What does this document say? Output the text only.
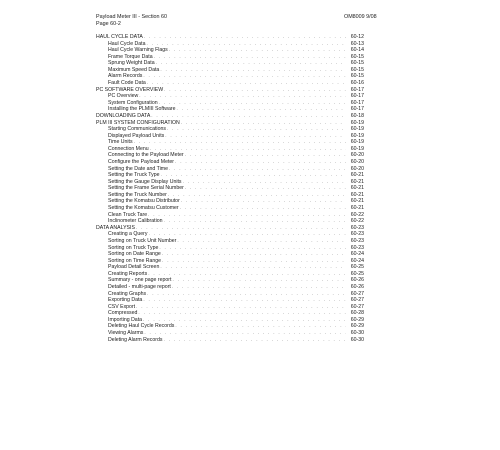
Payload Meter III - Section 60
Page 60-2
OM8009 9/08
HAUL CYCLE DATA . . .	60-12
Haul Cycle Data . . .	60-13
Haul Cycle Warning Flags . . .	60-14
Frame Torque Data . . .	60-15
Sprung Weight Data . . .	60-15
Maximum Speed Data . . .	60-15
Alarm Records . . .	60-15
Fault Code Data . . .	60-16
PC SOFTWARE OVERVIEW . . .	60-17
PC Overview . . .	60-17
System Configuration . . .	60-17
Installing the PLMIII Software . . .	60-17
DOWNLOADING DATA . . .	60-18
PLM III SYSTEM CONFIGURATION . . .	60-19
Starting Communications . . .	60-19
Displayed Payload Units . . .	60-19
Time Units . . .	60-19
Connection Menu . . .	60-19
Connecting to the Payload Meter . . .	60-20
Configure the Payload Meter . . .	60-20
Setting the Date and Time . . .	60-20
Setting the Truck Type . . .	60-21
Setting the Gauge Display Units . . .	60-21
Setting the Frame Serial Number . . .	60-21
Setting the Truck Number . . .	60-21
Setting the Komatsu Distributor . . .	60-21
Setting the Komatsu Customer . . .	60-21
Clean Truck Tare . . .	60-22
Inclinometer Calibration . . .	60-22
DATA ANALYSIS . . .	60-23
Creating a Query . . .	60-23
Sorting on Truck Unit Number . . .	60-23
Sorting on Truck Type . . .	60-23
Sorting on Date Range . . .	60-24
Sorting on Time Range . . .	60-24
Payload Detail Screen . . .	60-25
Creating Reports . . .	60-25
Summary - one page report . . .	60-26
Detailed - multi-page report . . .	60-26
Creating Graphs . . .	60-27
Exporting Data . . .	60-27
CSV Export . . .	60-27
Compressed . . .	60-28
Importing Data . . .	60-29
Deleting Haul Cycle Records . . .	60-29
Viewing Alarms . . .	60-30
Deleting Alarm Records . . .	60-30
